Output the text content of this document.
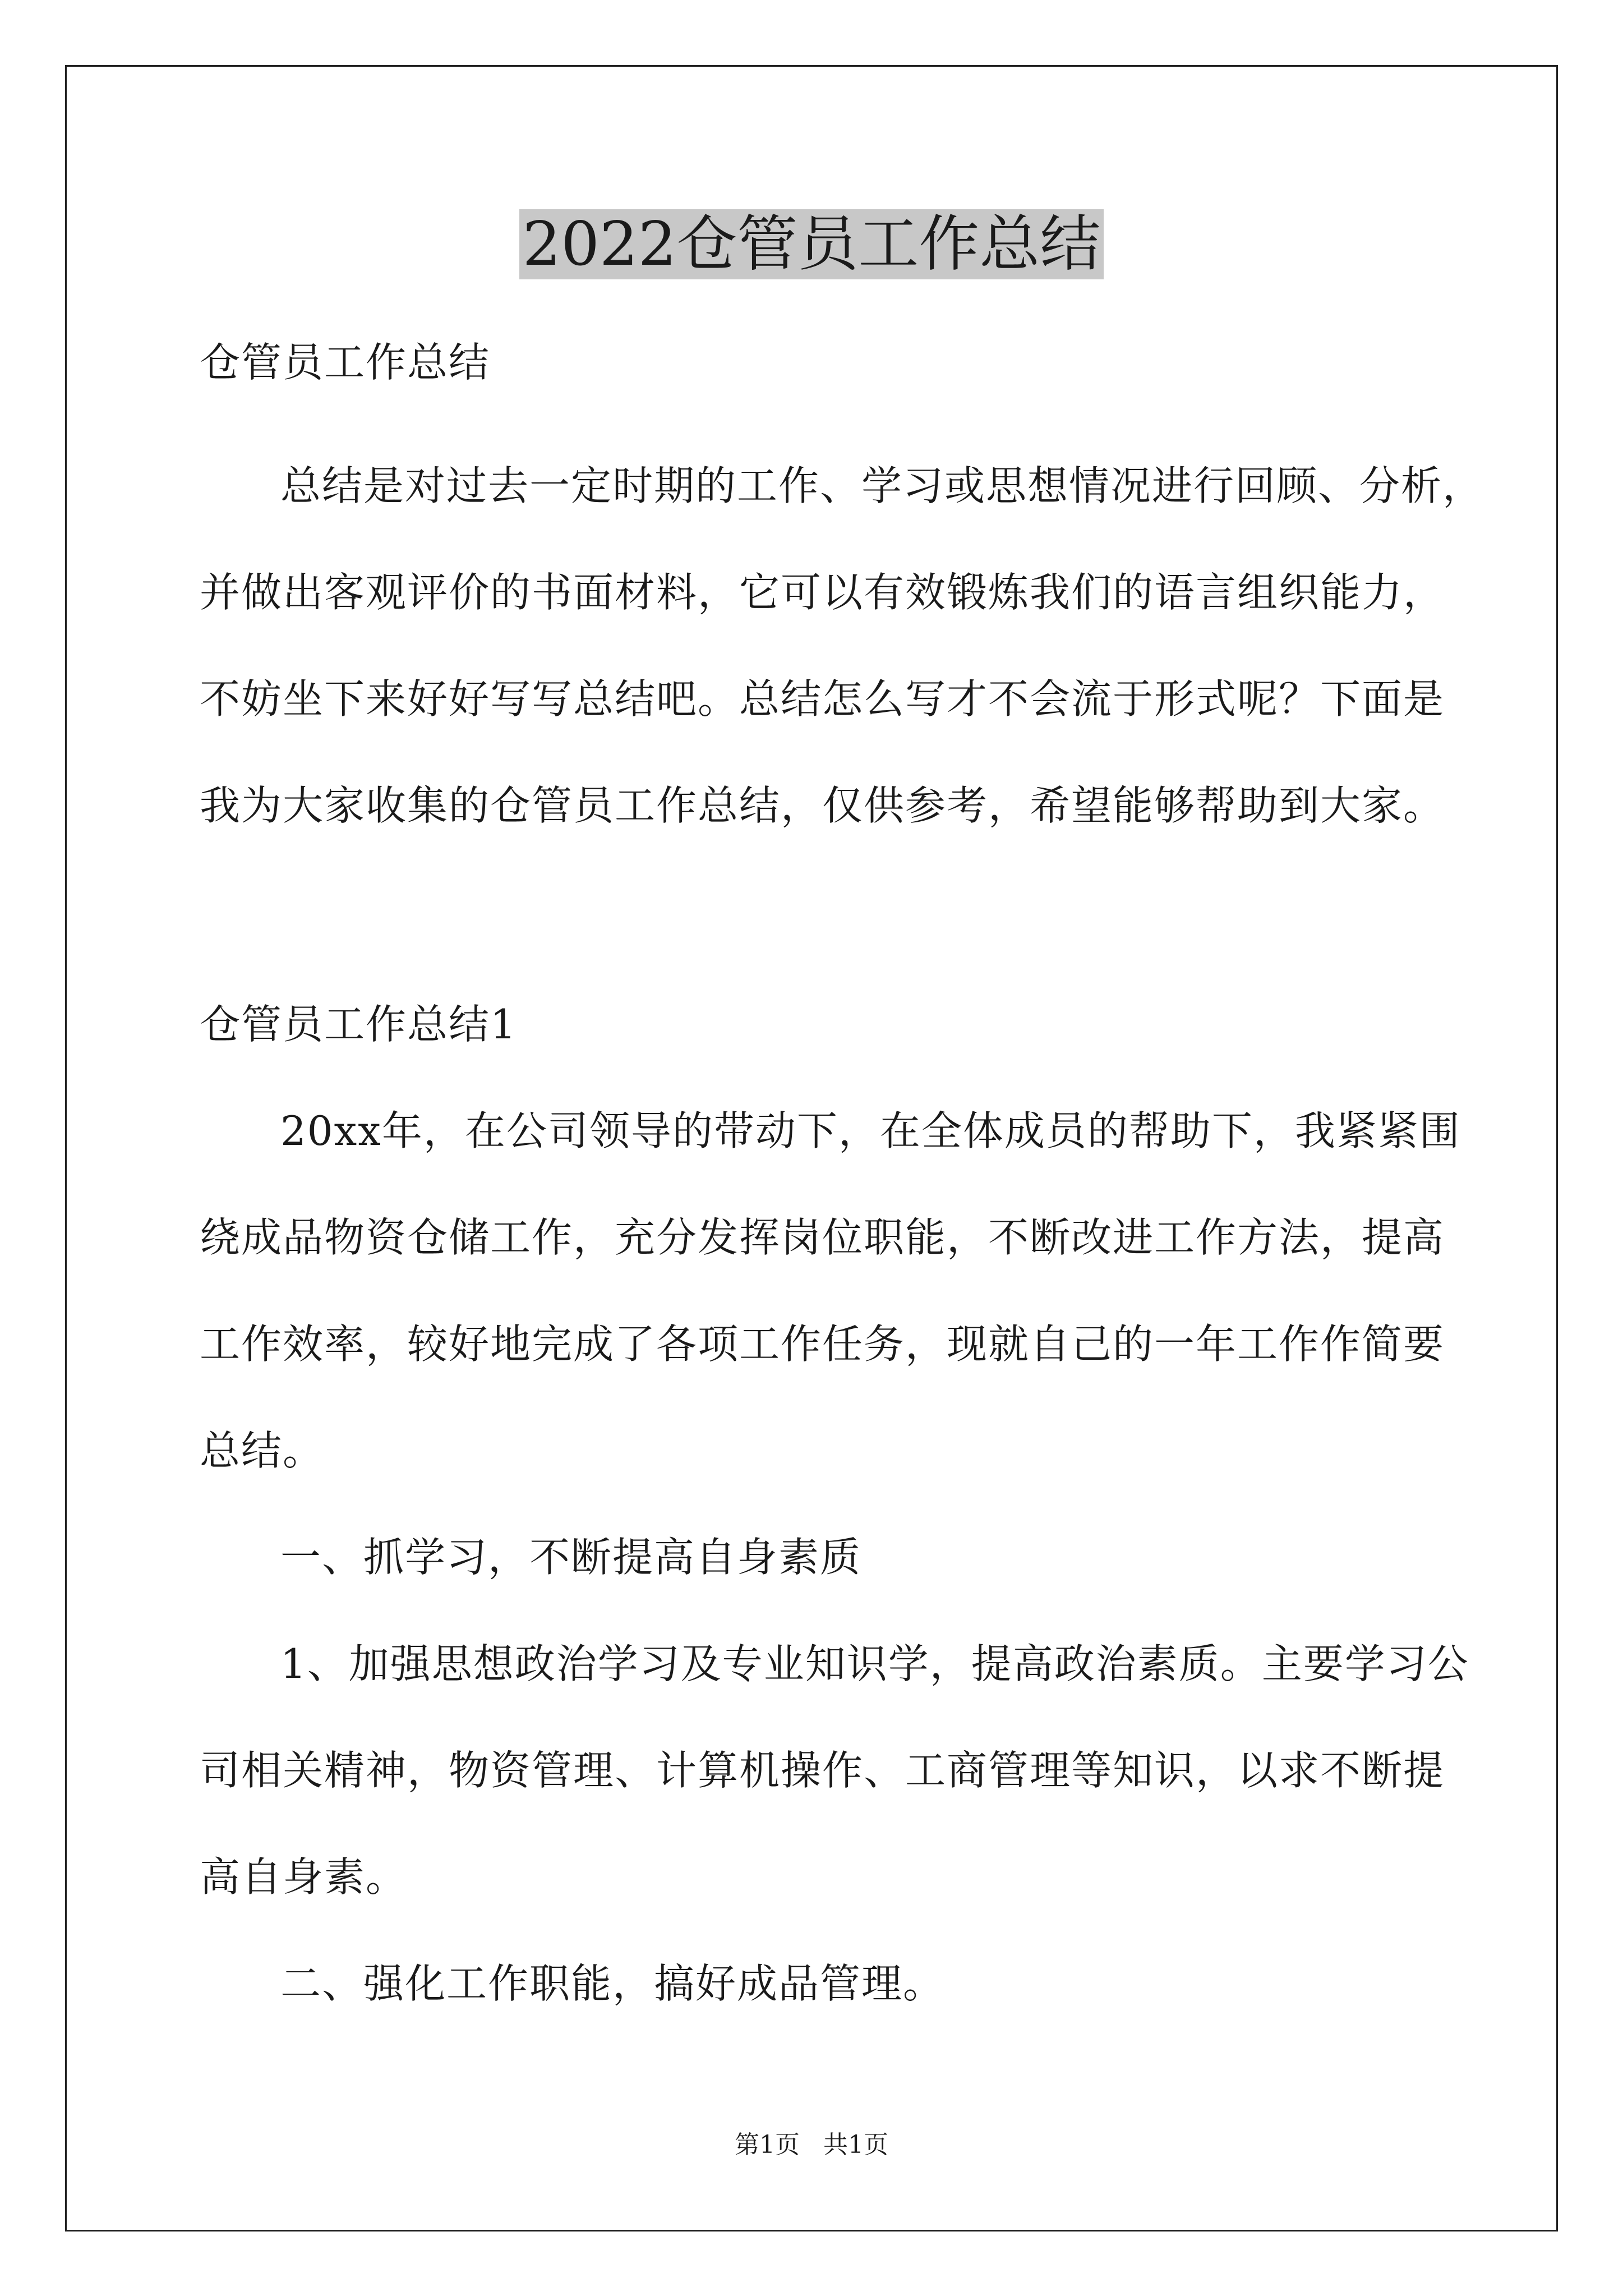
2022仓管员工作总结
仓管员工作总结
总结是对过去一定时期的工作、学习或思想情况进行回顾、分析，
并做出客观评价的书面材料，它可以有效锻炼我们的语言组织能力，
不妨坐下来好好写写总结吧。总结怎么写才不会流于形式呢？下面是
我为大家收集的仓管员工作总结，仅供参考，希望能够帮助到大家。
仓管员工作总结1
20xx年，在公司领导的带动下，在全体成员的帮助下，我紧紧围
绕成品物资仓储工作，充分发挥岗位职能，不断改进工作方法，提高
工作效率，较好地完成了各项工作任务，现就自己的一年工作作简要
总结。
一、抓学习，不断提高自身素质
1、加强思想政治学习及专业知识学，提高政治素质。主要学习公
司相关精神，物资管理、计算机操作、工商管理等知识，以求不断提
高自身素。
二、强化工作职能，搞好成品管理。
第1页 共1页
